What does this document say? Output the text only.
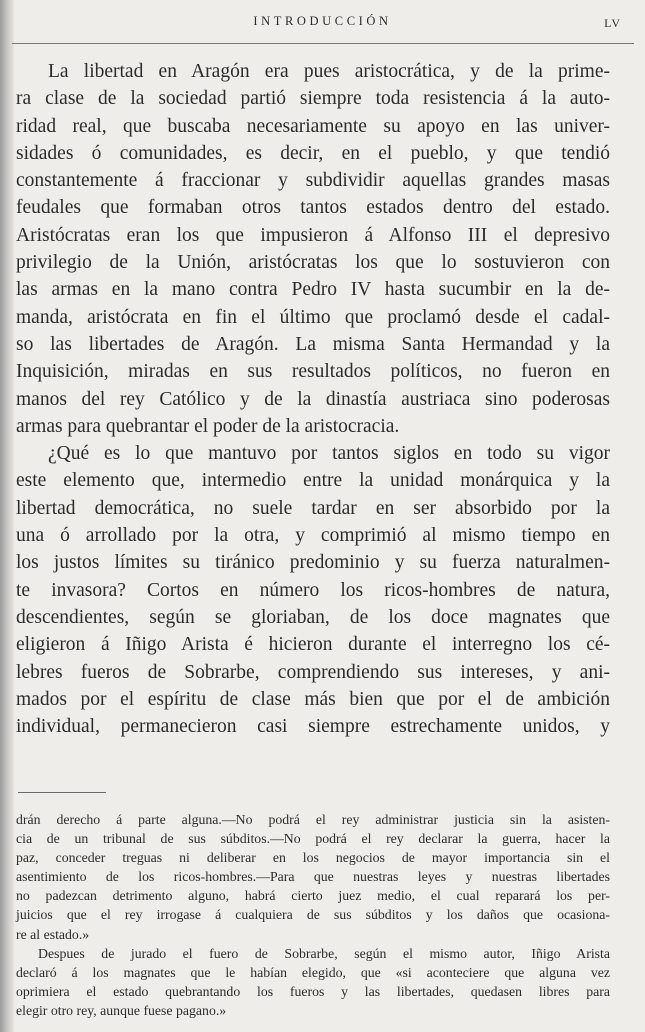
INTRODUCCIÓN	LV

La libertad en Aragón era pues aristocrática, y de la prime-

ra clase de la sociedad partió siempre toda resistencia á la auto-

ridad real, que buscaba necesariamente su apoyo en las univer-

sidades ó comunidades, es decir, en el pueblo, y que tendió

constantemente á fraccionar y subdividir aquellas grandes masas

feudales que formaban otros tantos estados dentro del estado.

Aristócratas eran los que impusieron á Alfonso III el depresivo

privilegio de la Unión, aristócratas los que lo sostuvieron con

las armas en la mano contra Pedro IV hasta sucumbir en la de-

manda, aristócrata en fin el último que proclamó desde el cadal-

so las libertades de Aragón. La misma Santa Hermandad y la

Inquisición, miradas en sus resultados políticos, no fueron en

manos del rey Católico y de la dinastía austriaca sino poderosas

armas para quebrantar el poder de la aristocracia.

¿Qué es lo que mantuvo por tantos siglos en todo su vigor

este elemento que, intermedio entre la unidad monárquica y la

libertad democrática, no suele tardar en ser absorbido por la

una ó arrollado por la otra, y comprimió al mismo tiempo en

los justos límites su tiránico predominio y su fuerza naturalmen-

te invasora? Cortos en número los ricos-hombres de natura,

descendientes, según se gloriaban, de los doce magnates que

eligieron á Iñigo Arista é hicieron durante el interregno los cé-

lebres fueros de Sobrarbe, comprendiendo sus intereses, y ani-

mados por el espíritu de clase más bien que por el de ambición

individual, permanecieron casi siempre estrechamente unidos, y

drán derecho á parte alguna.—No podrá el rey administrar justicia sin la asisten-

cia de un tribunal de sus súbditos.—No podrá el rey declarar la guerra, hacer la

paz, conceder treguas ni deliberar en los negocios de mayor importancia sin el

asentimiento de los ricos-hombres.—Para que nuestras leyes y nuestras libertades

no padezcan detrimento alguno, habrá cierto juez medio, el cual reparará los per-

juicios que el rey irrogase á cualquiera de sus súbditos y los daños que ocasiona-

re al estado.»

Despues de jurado el fuero de Sobrarbe, según el mismo autor, Iñigo Arista

declaró á los magnates que le habían elegido, que «si aconteciere que alguna vez

oprimiera el estado quebrantando los fueros y las libertades, quedasen libres para

elegir otro rey, aunque fuese pagano.»
